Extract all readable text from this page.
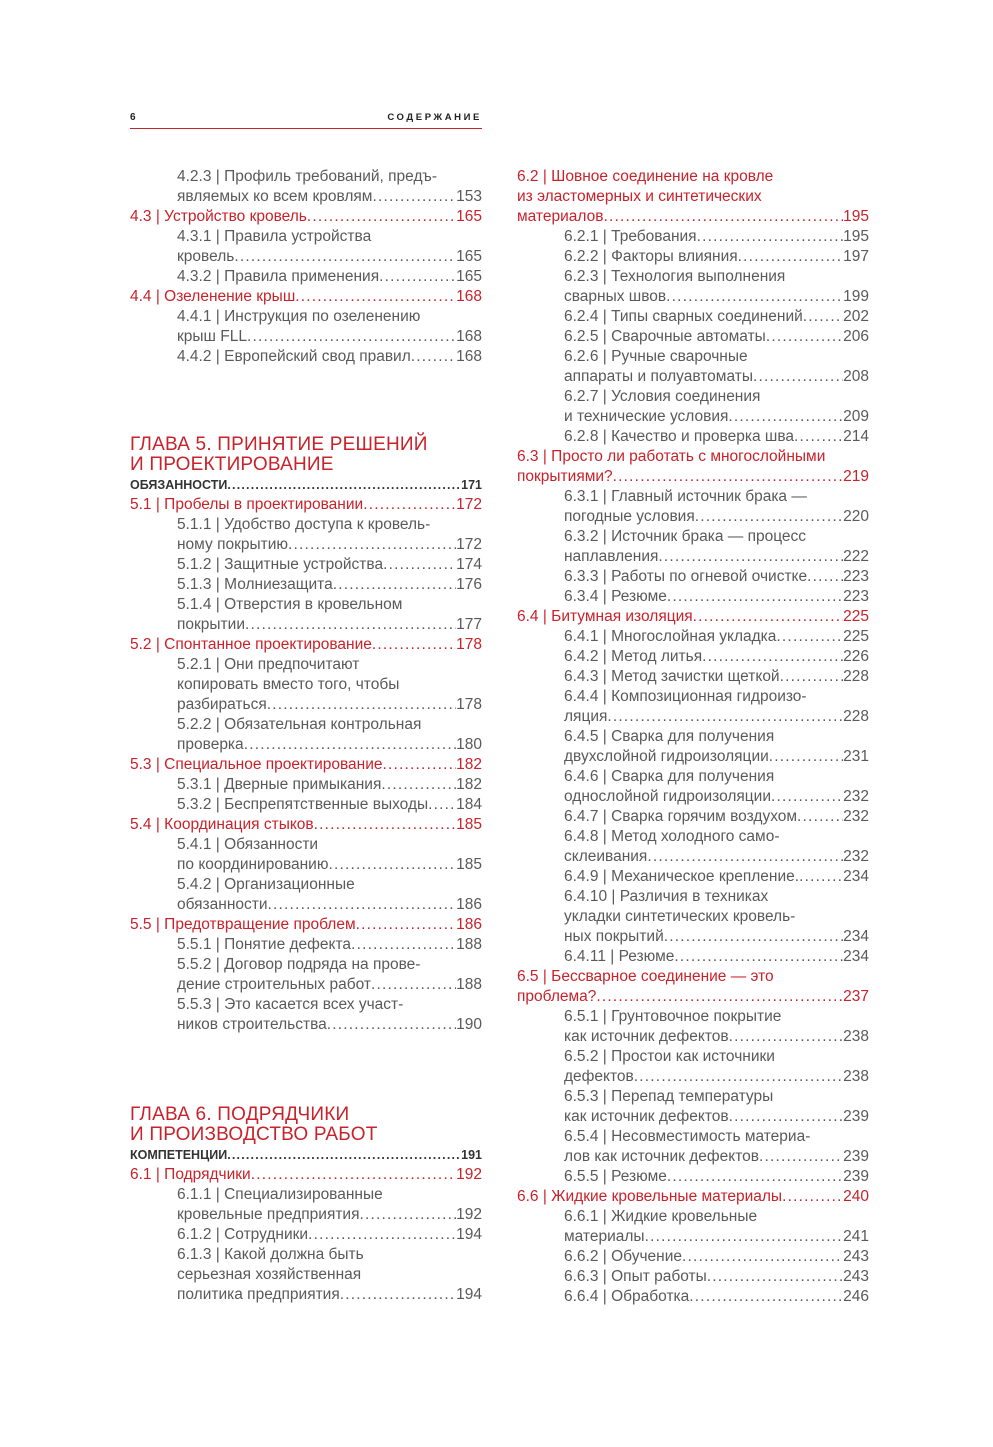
6	СОДЕРЖАНИЕ
4.2.3 | Профиль требований, предъ-
являемых ко всем кровлям .....	153
4.3 | Устройство кровель .....	165
4.3.1 | Правила устройства
кровель .....	165
4.3.2 | Правила применения .....	165
4.4 | Озеленение крыш .....	168
4.4.1 | Инструкция по озеленению
крыш FLL .....	168
4.4.2 | Европейский свод правил .....	168
ГЛАВА 5. ПРИНЯТИЕ РЕШЕНИЙ
И ПРОЕКТИРОВАНИЕ
ОБЯЗАННОСТИ .....	171
5.1 | Пробелы в проектировании .....	172
5.1.1 | Удобство доступа к кровель-
ному покрытию .....	172
5.1.2 | Защитные устройства .....	174
5.1.3 | Молниезащита .....	176
5.1.4 | Отверстия в кровельном
покрытии .....	177
5.2 | Спонтанное проектирование .....	178
5.2.1 | Они предпочитают
копировать вместо того, чтобы
разбираться .....	178
5.2.2 | Обязательная контрольная
проверка .....	180
5.3 | Специальное проектирование .....	182
5.3.1 | Дверные примыкания .....	182
5.3.2 | Беспрепятственные выходы ..... 184
5.4 | Координация стыков .....	185
5.4.1 | Обязанности
по координированию .....	185
5.4.2 | Организационные
обязанности .....	186
5.5 | Предотвращение проблем .....	186
5.5.1 | Понятие дефекта .....	188
5.5.2 | Договор подряда на прове-
дение строительных работ .....	188
5.5.3 | Это касается всех участ-
ников строительства .....	190
ГЛАВА 6. ПОДРЯДЧИКИ
И ПРОИЗВОДСТВО РАБОТ
КОМПЕТЕНЦИИ .....	191
6.1 | Подрядчики .....	192
6.1.1 | Специализированные
кровельные предприятия .....	192
6.1.2 | Сотрудники .....	194
6.1.3 | Какой должна быть
серьезная хозяйственная
политика предприятия .....	194
6.2 | Шовное соединение на кровле
из эластомерных и синтетических
материалов .....	195
6.2.1 | Требования .....	195
6.2.2 | Факторы влияния .....	197
6.2.3 | Технология выполнения
сварных швов .....	199
6.2.4 | Типы сварных соединений .....	202
6.2.5 | Сварочные автоматы .....	206
6.2.6 | Ручные сварочные
аппараты и полуавтоматы .....	208
6.2.7 | Условия соединения
и технические условия .....	209
6.2.8 | Качество и проверка шва .....	214
6.3 | Просто ли работать с многослойными
покрытиями? .....	219
6.3.1 | Главный источник брака —
погодные условия .....	220
6.3.2 | Источник брака — процесс
наплавления .....	222
6.3.3 | Работы по огневой очистке ..... 223
6.3.4 | Резюме .....	223
6.4 | Битумная изоляция .....	225
6.4.1 | Многослойная укладка .....	225
6.4.2 | Метод литья .....	226
6.4.3 | Метод зачистки щеткой .....	228
6.4.4 | Композиционная гидроизо-
ляция .....	228
6.4.5 | Сварка для получения
двухслойной гидроизоляции .....	231
6.4.6 | Сварка для получения
однослойной гидроизоляции .....	232
6.4.7 | Сварка горячим воздухом .....	232
6.4.8 | Метод холодного само-
склеивания .....	232
6.4.9 | Механическое крепление. .....	234
6.4.10 | Различия в техниках
укладки синтетических кровель-
ных покрытий .....	234
6.4.11 | Резюме .....	234
6.5 | Бессварное соединение — это
проблема? .....	237
6.5.1 | Грунтовочное покрытие
как источник дефектов .....	238
6.5.2 | Простои как источники
дефектов .....	238
6.5.3 | Перепад температуры
как источник дефектов .....	239
6.5.4 | Несовместимость материа-
лов как источник дефектов .....	239
6.5.5 | Резюме .....	239
6.6 | Жидкие кровельные материалы .....	240
6.6.1 | Жидкие кровельные
материалы .....	241
6.6.2 | Обучение .....	243
6.6.3 | Опыт работы .....	243
6.6.4 | Обработка .....	246
